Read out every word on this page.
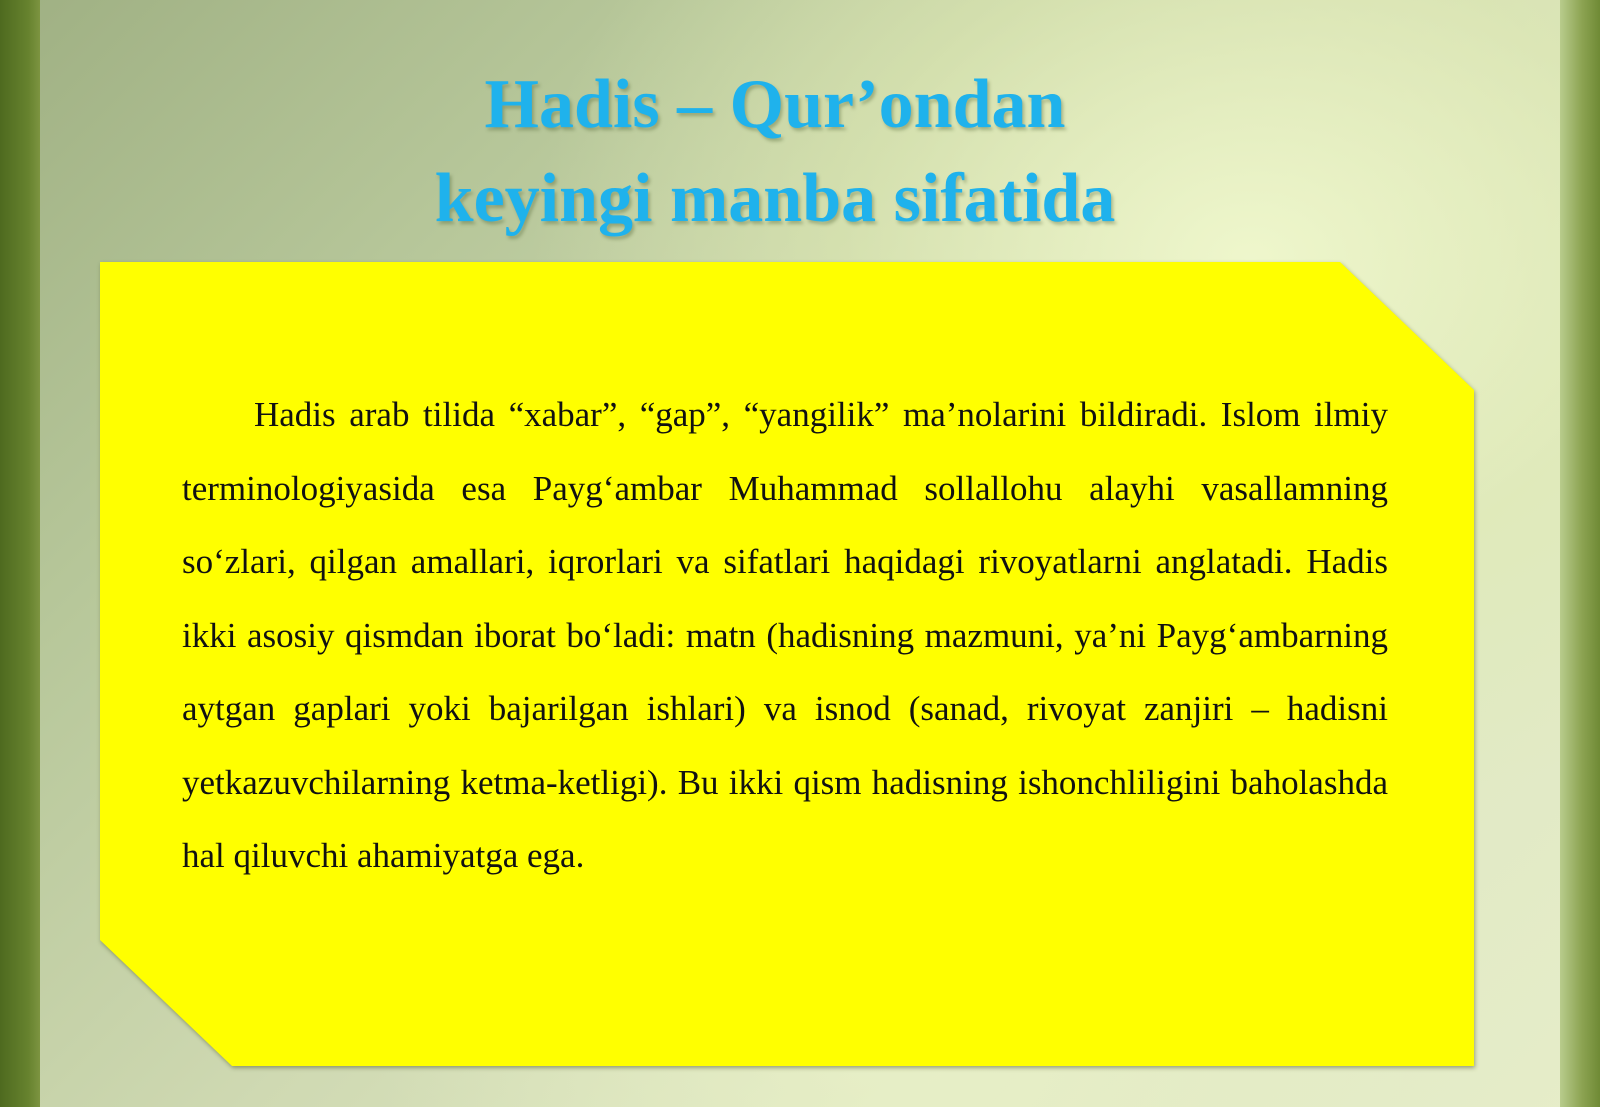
Hadis – Qur’ondan
keyingi manba sifatida

Hadis arab tilida “xabar”, “gap”, “yangilik” ma’nolarini bildiradi. Islom ilmiy terminologiyasida esa Payg‘ambar Muhammad sollallohu alayhi vasallamning so‘zlari, qilgan amallari, iqrorlari va sifatlari haqidagi rivoyatlarni anglatadi. Hadis ikki asosiy qismdan iborat bo‘ladi: matn (hadisning mazmuni, ya’ni Payg‘ambarning aytgan gaplari yoki bajarilgan ishlari) va isnod (sanad, rivoyat zanjiri – hadisni yetkazuvchilarning ketma-ketligi). Bu ikki qism hadisning ishonchliligini baholashda hal qiluvchi ahamiyatga ega.
